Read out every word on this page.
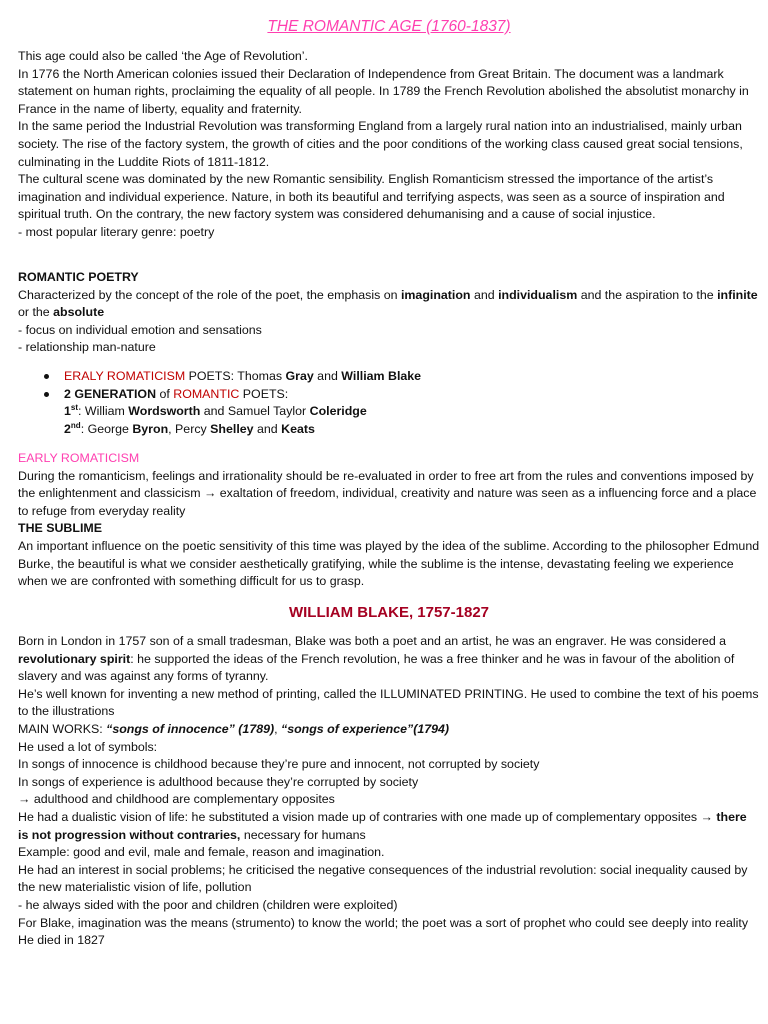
THE ROMANTIC AGE (1760-1837)

This age could also be called ‘the Age of Revolution’.

In 1776 the North American colonies issued their Declaration of Independence from Great Britain. The document was a landmark statement on human rights, proclaiming the equality of all people. In 1789 the French Revolution abolished the absolutist monarchy in France in the name of liberty, equality and fraternity.

In the same period the Industrial Revolution was transforming England from a largely rural nation into an industrialised, mainly urban society. The rise of the factory system, the growth of cities and the poor conditions of the working class caused great social tensions, culminating in the Luddite Riots of 1811-1812.

The cultural scene was dominated by the new Romantic sensibility. English Romanticism stressed the importance of the artist’s imagination and individual experience. Nature, in both its beautiful and terrifying aspects, was seen as a source of inspiration and spiritual truth. On the contrary, the new factory system was considered dehumanising and a cause of social injustice.

- most popular literary genre: poetry

ROMANTIC POETRY

Characterized by the concept of the role of the poet, the emphasis on imagination and individualism and the aspiration to the infinite or the absolute

- focus on individual emotion and sensations

- relationship man-nature

ERALY ROMATICISM POETS: Thomas Gray and William Blake
2 GENERATION of ROMANTIC POETS:
1st: William Wordsworth and Samuel Taylor Coleridge
2nd: George Byron, Percy Shelley and Keats

EARLY ROMATICISM

During the romanticism, feelings and irrationality should be re-evaluated in order to free art from the rules and conventions imposed by the enlightenment and classicism → exaltation of freedom, individual, creativity and nature was seen as a influencing force and a place to refuge from everyday reality

THE SUBLIME

An important influence on the poetic sensitivity of this time was played by the idea of the sublime. According to the philosopher Edmund Burke, the beautiful is what we consider aesthetically gratifying, while the sublime is the intense, devastating feeling we experience when we are confronted with something difficult for us to grasp.

WILLIAM BLAKE, 1757-1827

Born in London in 1757 son of a small tradesman, Blake was both a poet and an artist, he was an engraver. He was considered a revolutionary spirit: he supported the ideas of the French revolution, he was a free thinker and he was in favour of the abolition of slavery and was against any forms of tyranny.

He’s well known for inventing a new method of printing, called the ILLUMINATED PRINTING. He used to combine the text of his poems to the illustrations

MAIN WORKS: “songs of innocence” (1789), “songs of experience”(1794)

He used a lot of symbols:

In songs of innocence is childhood because they’re pure and innocent, not corrupted by society

In songs of experience is adulthood because they’re corrupted by society

→ adulthood and childhood are complementary opposites

He had a dualistic vision of life: he substituted a vision made up of contraries with one made up of complementary opposites → there is not progression without contraries, necessary for humans

Example: good and evil, male and female, reason and imagination.

He had an interest in social problems; he criticised the negative consequences of the industrial revolution: social inequality caused by the new materialistic vision of life, pollution

- he always sided with the poor and children (children were exploited)

For Blake, imagination was the means (strumento) to know the world; the poet was a sort of prophet who could see deeply into reality

He died in 1827
